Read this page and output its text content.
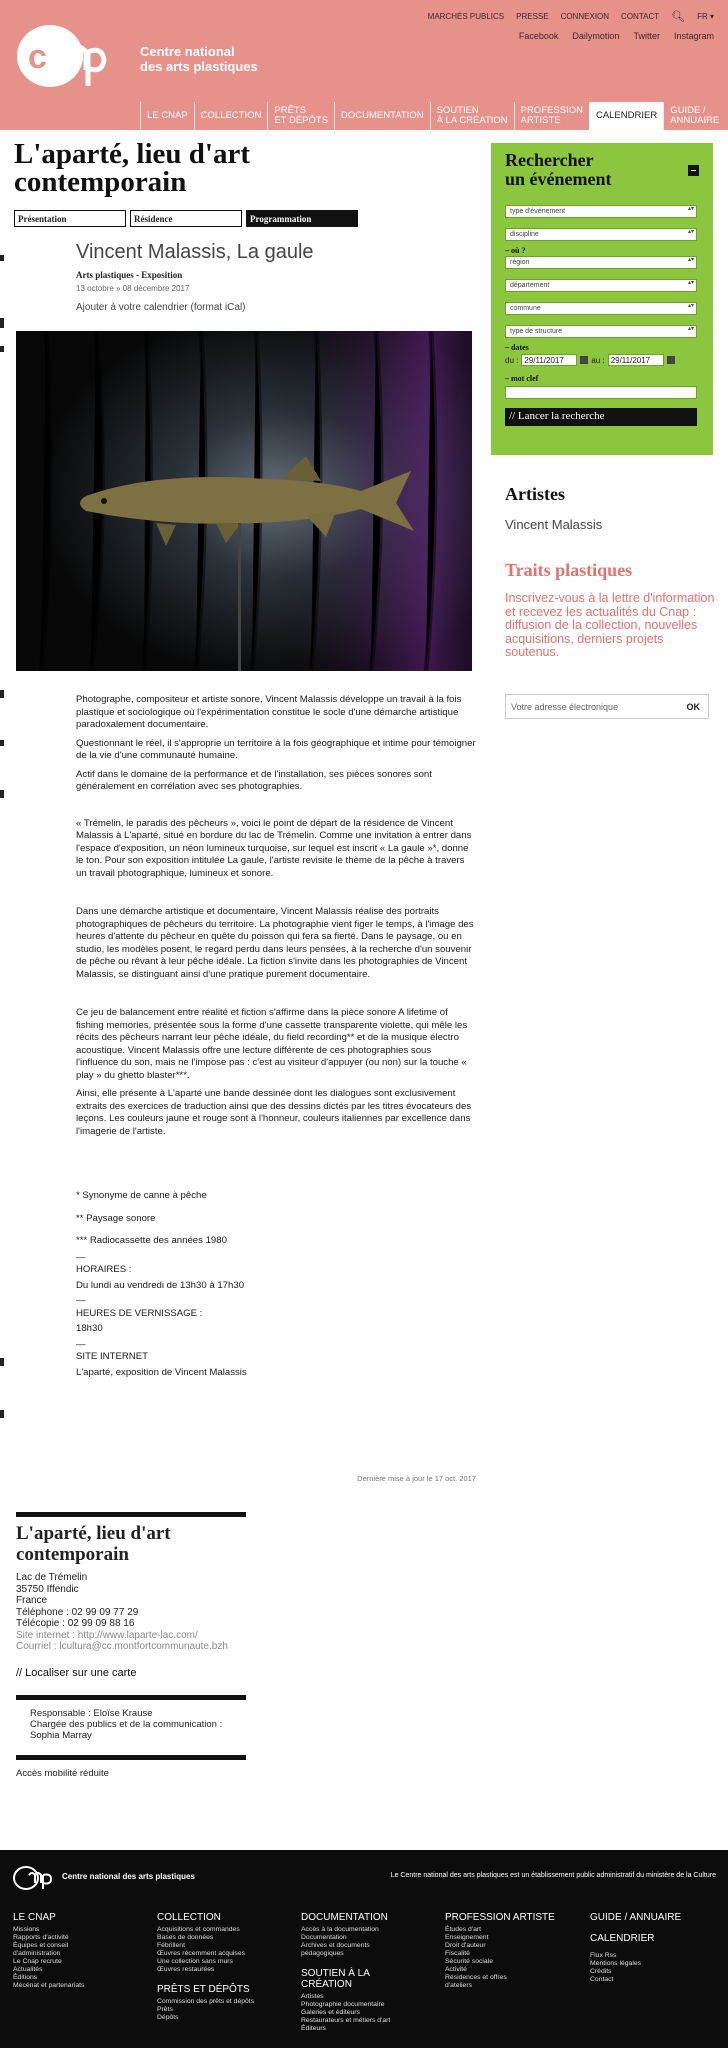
c	Centre national
des arts plastiques
MARCHÉS PUBLICS PRESSE CONNEXION CONTACT 🔍︎ FR ▾
Facebook Dailymotion Twitter Instagram
LE CNAP COLLECTION PRÊTS
ET DÉPÔTS DOCUMENTATION SOUTIEN
À LA CRÉATION
PROFESSION
ARTISTE	CALENDRIER GUIDE /
ANNUAIRE
L'aparté, lieu d'art
contemporain
Présentation	Résidence	Programmation
Vincent Malassis, La gaule
Arts plastiques - Exposition
13 octobre » 08 décembre 2017
Ajouter à votre calendrier (format iCal)

Photographe, compositeur et artiste sonore, Vincent Malassis développe un travail à la fois plastique et sociologique où l'expérimentation constitue le socle d'une démarche artistique paradoxalement documentaire.

Questionnant le réel, il s'approprie un territoire à la fois géographique et intime pour témoigner de la vie d'une communauté humaine.

Actif dans le domaine de la performance et de l'installation, ses pièces sonores sont généralement en corrélation avec ses photographies.

« Trémelin, le paradis des pêcheurs », voici le point de départ de la résidence de Vincent Malassis à L'aparté, situé en bordure du lac de Trémelin. Comme une invitation à entrer dans l'espace d'exposition, un néon lumineux turquoise, sur lequel est inscrit « La gaule »*, donne le ton. Pour son exposition intitulée La gaule, l'artiste revisite le thème de la pêche à travers un travail photographique, lumineux et sonore.

Dans une démarche artistique et documentaire, Vincent Malassis réalise des portraits photographiques de pêcheurs du territoire. La photographie vient figer le temps, à l'image des heures d'attente du pêcheur en quête du poisson qui fera sa fierté. Dans le paysage, ou en studio, les modèles posent, le regard perdu dans leurs pensées, à la recherche d'un souvenir de pêche ou rêvant à leur pêche idéale. La fiction s'invite dans les photographies de Vincent Malassis, se distinguant ainsi d'une pratique purement documentaire.

Ce jeu de balancement entre réalité et fiction s'affirme dans la pièce sonore A lifetime of fishing memories, présentée sous la forme d'une cassette transparente violette, qui mêle les récits des pêcheurs narrant leur pêche idéale, du field recording** et de la musique électro acoustique. Vincent Malassis offre une lecture différente de ces photographies sous l'influence du son, mais ne l'impose pas : c'est au visiteur d'appuyer (ou non) sur la touche « play » du ghetto blaster***.

Ainsi, elle présente à L'aparté une bande dessinée dont les dialogues sont exclusivement extraits des exercices de traduction ainsi que des dessins dictés par les titres évocateurs des leçons. Les couleurs jaune et rouge sont à l'honneur, couleurs italiennes par excellence dans l'imagerie de l'artiste.

* Synonyme de canne à pêche

** Paysage sonore

*** Radiocassette des années 1980

—

HORAIRES :

Du lundi au vendredi de 13h30 à 17h30

—

HEURES DE VERNISSAGE :

18h30

—

SITE INTERNET

L'aparté, exposition de Vincent Malassis

Dernière mise à jour le 17 oct. 2017
L'aparté, lieu d'art
contemporain
Lac de Trémelin
35750 Iffendic
France
Téléphone : 02 99 09 77 29
Télécopie : 02 99 09 88 16
Site internet : http://www.laparte-lac.com/
Courriel : lcultura@cc.montfortcommunaute.bzh
// Localiser sur une carte
Responsable : Eloïse Krause
Chargée des publics et de la communication :
Sophia Marray
Accès mobilité réduite
Rechercher
un événement
type d'événement ▴▾
discipline ▴▾
– où ?
région ▴▾
département ▴▾
commune ▴▾
type de structure ▴▾
– dates
du : 29/11/2017	au : 29/11/2017
– mot clef
// Lancer la recherche
Artistes
Vincent Malassis
Traits plastiques
Inscrivez-vous à la lettre d'information et recevez les actualités du Cnap : diffusion de la collection, nouvelles acquisitions, derniers projets soutenus.
Votre adresse électronique	OK
Centre national des arts plastiques	Le Centre national des arts plastiques est un établissement public administratif du ministère de la Culture
LE CNAP
Missions
Rapports d'activité
Équipes et conseil
d'administration
Le Cnap recrute
Actualités
Éditions
Mécénat et partenariats
COLLECTION
Acquisitions et commandes
Bases de données
Fébrillent
Œuvres récemment acquises
Une collection sans murs
Œuvres restaurées
PRÊTS ET DÉPÔTS
Commission des prêts et dépôts
Prêts
Dépôts
DOCUMENTATION
Accès à la documentation
Documentation
Archives et documents pédagogiques
SOUTIEN À LA CRÉATION
Artistes
Photographie documentaire
Galeries et éditeurs
Restaurateurs et métiers d'art
Éditeurs
PROFESSION ARTISTE
Études d'art
Enseignement
Droit d'auteur
Fiscalité
Sécurité sociale
Activité
Résidences et offres
d'ateliers
GUIDE / ANNUAIRE
CALENDRIER
Flux Rss
Mentions légales
Crédits
Contact
